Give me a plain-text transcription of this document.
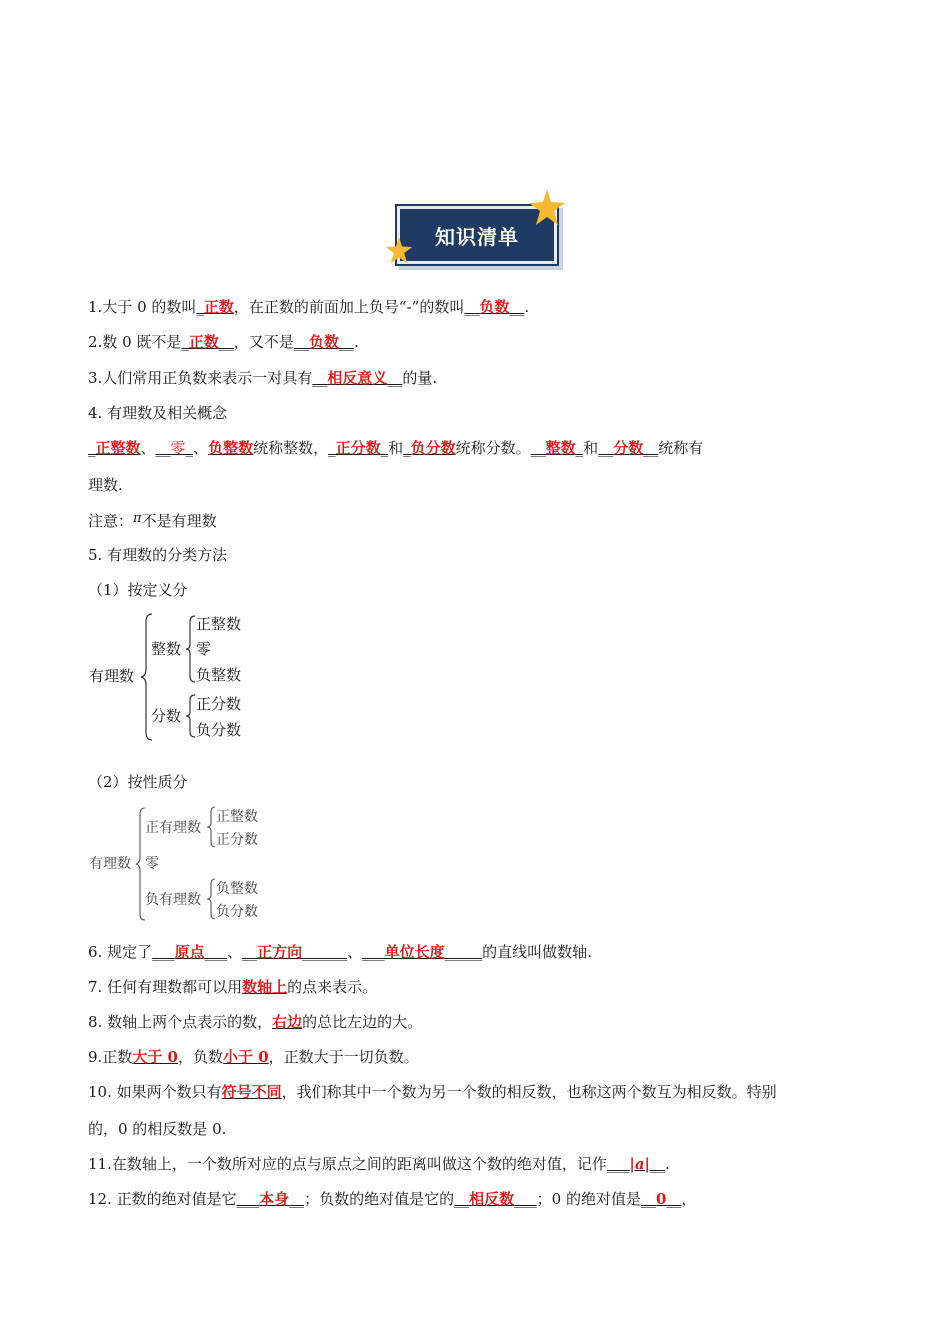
知识清单
1.大于 0 的数叫_正数，在正数的前面加上负号“-”的数叫__负数__.
2.数 0 既不是_正数__，又不是__负数__.
3.人们常用正负数来表示一对具有__相反意义__的量.
4. 有理数及相关概念
_正整数、__零_、负整数统称整数，_正分数_和_负分数统称分数。__整数_和__分数__统称有
理数.
注意：π不是有理数
5. 有理数的分类方法
（1）按定义分
有理数
整数
正整数
零
负整数
分数
正分数
负分数
（2）按性质分
有理数
正有理数
零
负有理数
正整数
正分数
负整数
负分数
6. 规定了___原点___、__正方向______、___单位长度_____的直线叫做数轴.
7. 任何有理数都可以用数轴上的点来表示。
8. 数轴上两个点表示的数，右边的总比左边的大。
9.正数大于 0，负数小于 0，正数大于一切负数。
10. 如果两个数只有符号不同，我们称其中一个数为另一个数的相反数，也称这两个数互为相反数。特别
的，0 的相反数是 0.
11.在数轴上，一个数所对应的点与原点之间的距离叫做这个数的绝对值，记作___|a|__.
12. 正数的绝对值是它___本身__；负数的绝对值是它的__相反数___；0 的绝对值是__0__，
